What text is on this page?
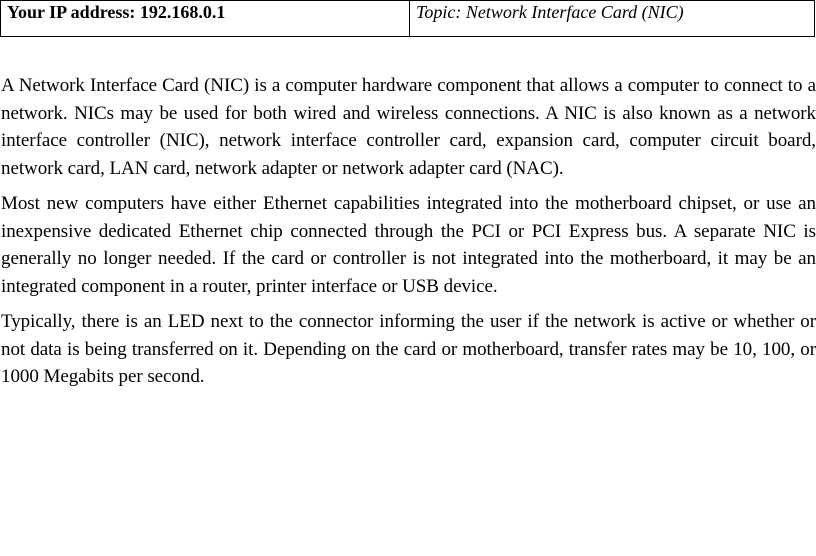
Your IP address: 192.168.0.1	Topic: Network Interface Card (NIC)

A Network Interface Card (NIC) is a computer hardware component that allows a computer to connect to a network. NICs may be used for both wired and wireless connections. A NIC is also known as a network interface controller (NIC), network interface controller card, expansion card, computer circuit board, network card, LAN card, network adapter or network adapter card (NAC).

Most new computers have either Ethernet capabilities integrated into the motherboard chipset, or use an inexpensive dedicated Ethernet chip connected through the PCI or PCI Express bus. A separate NIC is generally no longer needed. If the card or controller is not integrated into the motherboard, it may be an integrated component in a router, printer interface or USB device.

Typically, there is an LED next to the connector informing the user if the network is active or whether or not data is being transferred on it. Depending on the card or motherboard, transfer rates may be 10, 100, or 1000 Megabits per second.
